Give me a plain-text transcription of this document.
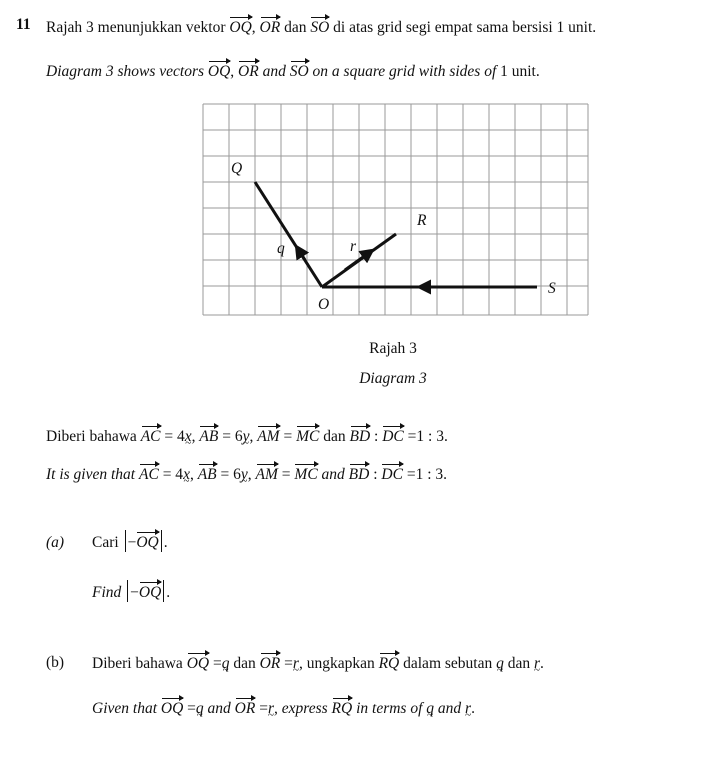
11 Rajah 3 menunjukkan vektor OQ, OR dan SO di atas grid segi empat sama bersisi 1 unit.
Diagram 3 shows vectors OQ, OR and SO on a square grid with sides of 1 unit.
Q
R
S
O
q	r
Rajah 3
Diagram 3
Diberi bahawa AC = 4x ~, AB = 6y ~, AM = MC dan BD : DC =1 : 3.
It is given that AC = 4x ~, AB = 6y ~, AM = MC and BD : DC =1 : 3.
(a) Cari −OQ .
Find −OQ .
(b) Diberi bahawa OQ =q ~ dan OR =r ~, ungkapkan RQ dalam sebutan q ~ dan r ~.
Given that OQ =q ~ and OR =r ~, express RQ in terms of q ~ and r ~.
